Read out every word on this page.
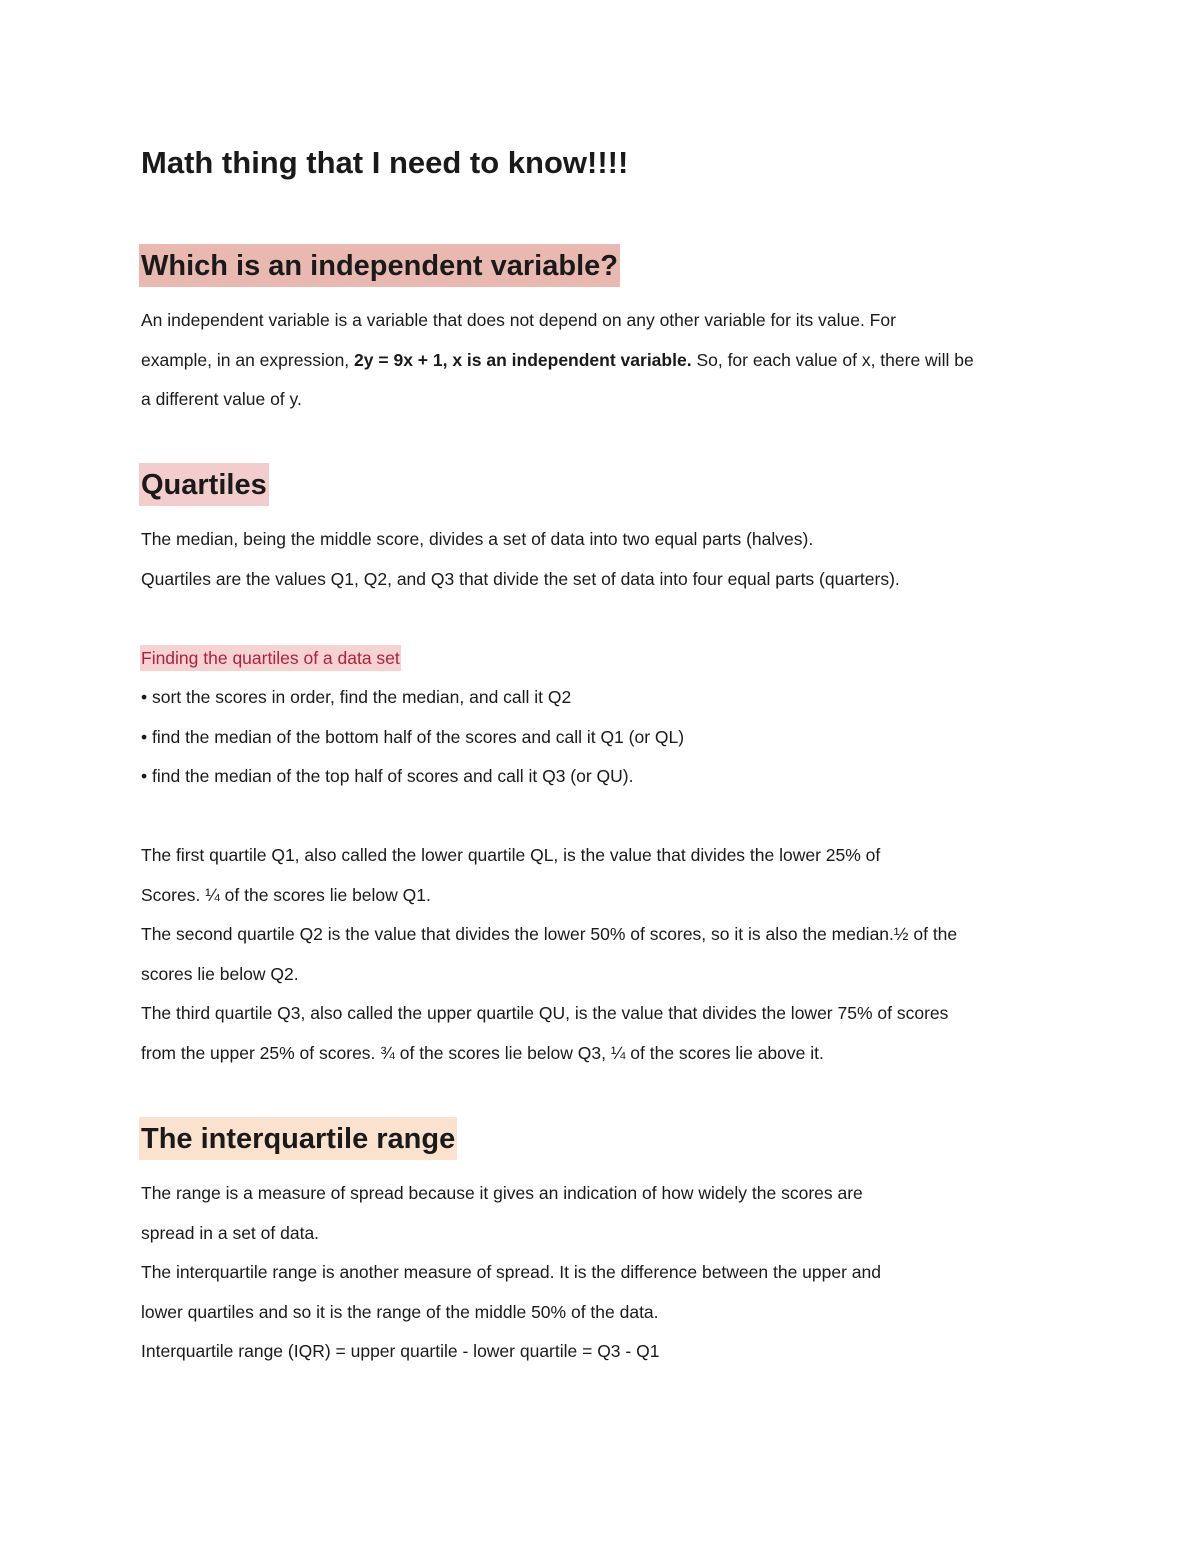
Math thing that I need to know!!!!
Which is an independent variable?
An independent variable is a variable that does not depend on any other variable for its value. For
example, in an expression, 2y = 9x + 1, x is an independent variable. So, for each value of x, there will be
a different value of y.
Quartiles
The median, being the middle score, divides a set of data into two equal parts (halves).
Quartiles are the values Q1, Q2, and Q3 that divide the set of data into four equal parts (quarters).
Finding the quartiles of a data set
• sort the scores in order, find the median, and call it Q2
• find the median of the bottom half of the scores and call it Q1 (or QL)
• find the median of the top half of scores and call it Q3 (or QU).
The first quartile Q1, also called the lower quartile QL, is the value that divides the lower 25% of
Scores. ¼ of the scores lie below Q1.
The second quartile Q2 is the value that divides the lower 50% of scores, so it is also the median.½ of the
scores lie below Q2.
The third quartile Q3, also called the upper quartile QU, is the value that divides the lower 75% of scores
from the upper 25% of scores. ¾ of the scores lie below Q3, ¼ of the scores lie above it.
The interquartile range
The range is a measure of spread because it gives an indication of how widely the scores are
spread in a set of data.
The interquartile range is another measure of spread. It is the difference between the upper and
lower quartiles and so it is the range of the middle 50% of the data.
Interquartile range (IQR) = upper quartile - lower quartile = Q3 - Q1
